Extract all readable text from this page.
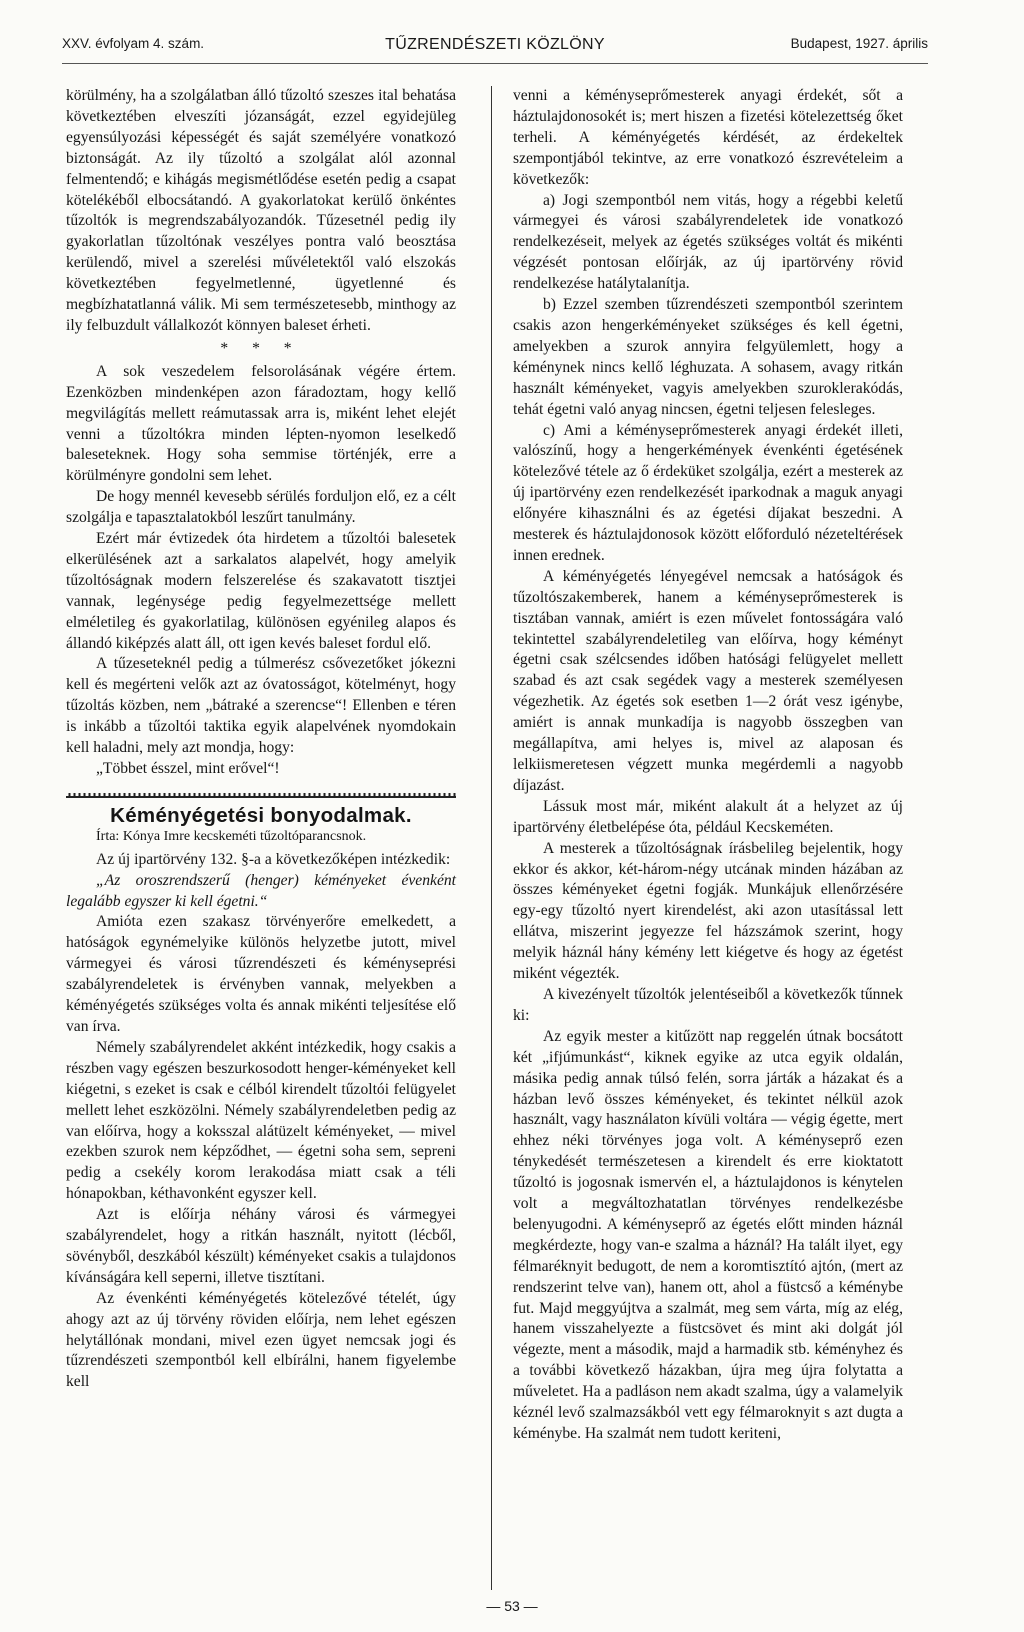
XXV. évfolyam 4. szám.	TŰZRENDÉSZETI KÖZLÖNY	Budapest, 1927. április

körülmény, ha a szolgálatban álló tűzoltó szeszes ital behatása következtében elveszíti józanságát, ezzel egyidejüleg egyensúlyozási képességét és saját személyére vonatkozó biztonságát. Az ily tűzoltó a szolgálat alól azonnal felmentendő; e kihágás megismétlődése esetén pedig a csapat kötelékéből elbocsátandó. A gyakorlatokat kerülő önkéntes tűzoltók is megrendszabályozandók. Tűzesetnél pedig ily gyakorlatlan tűzoltónak veszélyes pontra való beosztása kerülendő, mivel a szerelési művéletektől való elszokás következtében fegyelmetlenné, ügyetlenné és megbízhatatlanná válik. Mi sem természetesebb, minthogy az ily felbuzdult vállalkozót könnyen baleset érheti.

* * *

A sok veszedelem felsorolásának végére értem. Ezenközben mindenképen azon fáradoztam, hogy kellő megvilágítás mellett reámutassak arra is, miként lehet elejét venni a tűzoltókra minden lépten-nyomon leselkedő baleseteknek. Hogy soha semmise történjék, erre a körülményre gondolni sem lehet.

De hogy mennél kevesebb sérülés forduljon elő, ez a célt szolgálja e tapasztalatokból leszűrt tanulmány.

Ezért már évtizedek óta hirdetem a tűzoltói balesetek elkerülésének azt a sarkalatos alapelvét, hogy amelyik tűzoltóságnak modern felszerelése és szakavatott tisztjei vannak, legénysége pedig fegyelmezettsége mellett elméletileg és gyakorlatilag, különösen egyénileg alapos és állandó kiképzés alatt áll, ott igen kevés baleset fordul elő.

A tűzeseteknél pedig a túlmerész csővezetőket jókezni kell és megérteni velők azt az óvatosságot, kötelményt, hogy tűzoltás közben, nem „bátraké a szerencse“! Ellenben e téren is inkább a tűzoltói taktika egyik alapelvének nyomdokain kell haladni, mely azt mondja, hogy:

„Többet ésszel, mint erővel“!

Kéményégetési bonyodalmak.

Írta: Kónya Imre kecskeméti tűzoltóparancsnok.

Az új ipartörvény 132. §-a a következőképen intézkedik:

„Az oroszrendszerű (henger) kéményeket évenként legalább egyszer ki kell égetni.“

Amióta ezen szakasz törvényerőre emelkedett, a hatóságok egynémelyike különös helyzetbe jutott, mivel vármegyei és városi tűzrendészeti és kéményseprési szabályrendeletek is érvényben vannak, melyekben a kéményégetés szükséges volta és annak mikénti teljesítése elő van írva.

Némely szabályrendelet akként intézkedik, hogy csakis a részben vagy egészen beszurkosodott henger-kéményeket kell kiégetni, s ezeket is csak e célból kirendelt tűzoltói felügyelet mellett lehet eszközölni. Némely szabályrendeletben pedig az van előírva, hogy a koksszal alátüzelt kéményeket, — mivel ezekben szurok nem képződhet, — égetni soha sem, sepreni pedig a csekély korom lerakodása miatt csak a téli hónapokban, kéthavonként egyszer kell.

Azt is előírja néhány városi és vármegyei szabályrendelet, hogy a ritkán használt, nyitott (lécből, sövényből, deszkából készült) kéményeket csakis a tulajdonos kívánságára kell seperni, illetve tisztítani.

Az évenkénti kéményégetés kötelezővé tételét, úgy ahogy azt az új törvény röviden előírja, nem lehet egészen helytállónak mondani, mivel ezen ügyet nemcsak jogi és tűzrendészeti szempontból kell elbírálni, hanem figyelembe kell

venni a kéményseprőmesterek anyagi érdekét, sőt a háztulajdonosokét is; mert hiszen a fizetési kötelezettség őket terheli. A kéményégetés kérdését, az érdekeltek szempontjából tekintve, az erre vonatkozó észrevételeim a következők:

a) Jogi szempontból nem vitás, hogy a régebbi keletű vármegyei és városi szabályrendeletek ide vonatkozó rendelkezéseit, melyek az égetés szükséges voltát és mikénti végzését pontosan előírják, az új ipartörvény rövid rendelkezése hatálytalanítja.

b) Ezzel szemben tűzrendészeti szempontból szerintem csakis azon hengerkéményeket szükséges és kell égetni, amelyekben a szurok annyira felgyülemlett, hogy a kéménynek nincs kellő léghuzata. A sohasem, avagy ritkán használt kéményeket, vagyis amelyekben szuroklerakódás, tehát égetni való anyag nincsen, égetni teljesen felesleges.

c) Ami a kéményseprőmesterek anyagi érdekét illeti, valószínű, hogy a hengerkémények évenkénti égetésének kötelezővé tétele az ő érdeküket szolgálja, ezért a mesterek az új ipartörvény ezen rendelkezését iparkodnak a maguk anyagi előnyére kihasználni és az égetési díjakat beszedni. A mesterek és háztulajdonosok között előforduló nézeteltérések innen erednek.

A kéményégetés lényegével nemcsak a hatóságok és tűzoltószakemberek, hanem a kéményseprőmesterek is tisztában vannak, amiért is ezen művelet fontosságára való tekintettel szabályrendeletileg van előírva, hogy kéményt égetni csak szélcsendes időben hatósági felügyelet mellett szabad és azt csak segédek vagy a mesterek személyesen végezhetik. Az égetés sok esetben 1—2 órát vesz igénybe, amiért is annak munkadíja is nagyobb összegben van megállapítva, ami helyes is, mivel az alaposan és lelkiismeretesen végzett munka megérdemli a nagyobb díjazást.

Lássuk most már, miként alakult át a helyzet az új ipartörvény életbelépése óta, például Kecskeméten.

A mesterek a tűzoltóságnak írásbelileg bejelentik, hogy ekkor és akkor, két-három-négy utcának minden házában az összes kéményeket égetni fogják. Munkájuk ellenőrzésére egy-egy tűzoltó nyert kirendelést, aki azon utasítással lett ellátva, miszerint jegyezze fel házszámok szerint, hogy melyik háznál hány kémény lett kiégetve és hogy az égetést miként végezték.

A kivezényelt tűzoltók jelentéseiből a következők tűnnek ki:

Az egyik mester a kitűzött nap reggelén útnak bocsátott két „ifjúmunkást“, kiknek egyike az utca egyik oldalán, másika pedig annak túlsó felén, sorra járták a házakat és a házban levő összes kéményeket, és tekintet nélkül azok használt, vagy használaton kívüli voltára — végig égette, mert ehhez néki törvényes joga volt. A kéményseprő ezen ténykedését természetesen a kirendelt és erre kioktatott tűzoltó is jogosnak ismervén el, a háztulajdonos is kénytelen volt a megváltozhatatlan törvényes rendelkezésbe belenyugodni. A kéményseprő az égetés előtt minden háznál megkérdezte, hogy van-e szalma a háznál? Ha talált ilyet, egy félmaréknyit bedugott, de nem a koromtisztító ajtón, (mert az rendszerint telve van), hanem ott, ahol a füstcső a kéménybe fut. Majd meggyújtva a szalmát, meg sem várta, míg az elég, hanem visszahelyezte a füstcsövet és mint aki dolgát jól végezte, ment a második, majd a harmadik stb. kéményhez és a további következő házakban, újra meg újra folytatta a műveletet. Ha a padláson nem akadt szalma, úgy a valamelyik kéznél levő szalmazsákból vett egy félmaroknyit s azt dugta a kéménybe. Ha szalmát nem tudott keriteni,

— 53 —
